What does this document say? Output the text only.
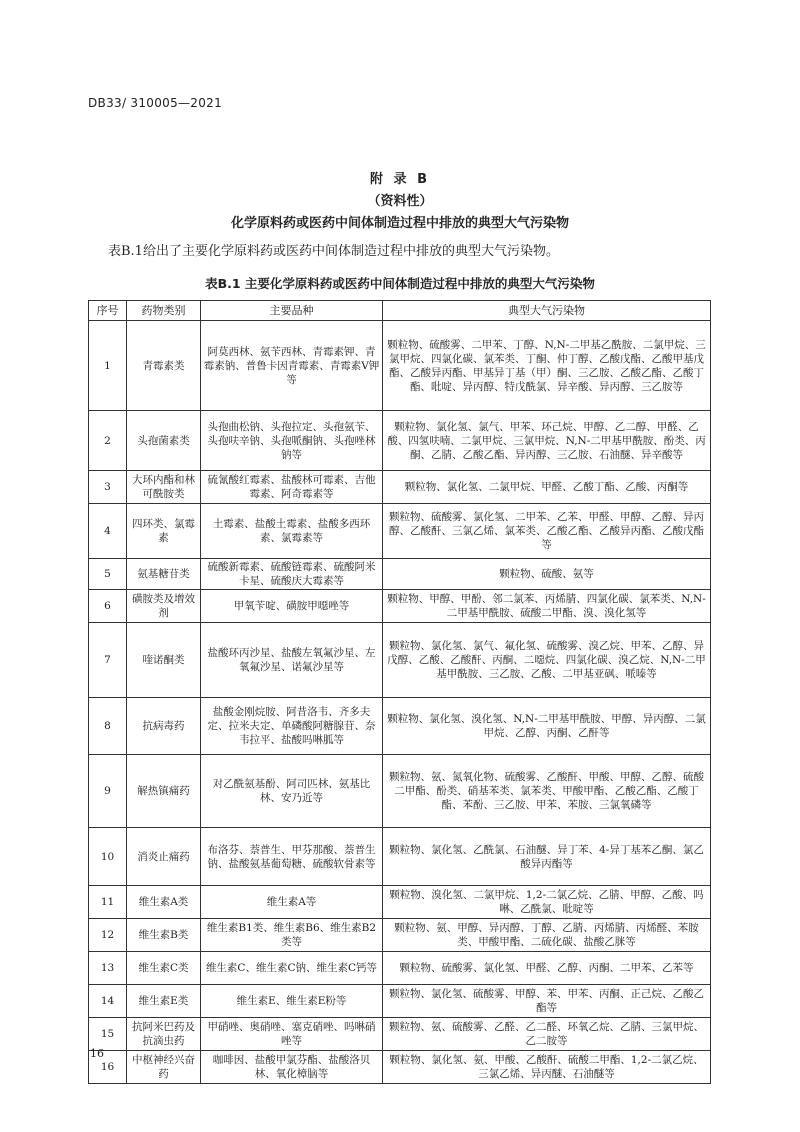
DB33/ 310005—2021
附 录 B
（资料性）
化学原料药或医药中间体制造过程中排放的典型大气污染物
表B.1给出了主要化学原料药或医药中间体制造过程中排放的典型大气污染物。
表B.1 主要化学原料药或医药中间体制造过程中排放的典型大气污染物
序号	药物类别	主要品种	典型大气污染物
1	青霉素类	阿莫西林、氨苄西林、青霉素钾、青霉素钠、普鲁卡因青霉素、青霉素V钾等	颗粒物、硫酸雾、二甲苯、丁醇、N,N-二甲基乙酰胺、二氯甲烷、三氯甲烷、四氯化碳、氯苯类、丁酮、仲丁醇、乙酸戊酯、乙酸甲基戊酯、乙酸异丙酯、甲基异丁基（甲）酮、三乙胺、乙酸乙酯、乙酸丁酯、吡啶、异丙醇、特戊酰氯、异辛酸、异丙醇、三乙胺等
2	头孢菌素类	头孢曲松钠、头孢拉定、头孢氨苄、头孢呋辛钠、头孢哌酮钠、头孢唑林钠等	颗粒物、氯化氢、氯气、甲苯、环己烷、甲醇、乙二醇、甲醛、乙酸、四氢呋喃、二氯甲烷、三氯甲烷、N,N-二甲基甲酰胺、酚类、丙酮、乙腈、乙酸乙酯、异丙醇、三乙胺、石油醚、异辛酸等
3	大环内酯和林可酰胺类	硫氰酸红霉素、盐酸林可霉素、吉他霉素、阿奇霉素等	颗粒物、氯化氢、二氯甲烷、甲醛、乙酸丁酯、乙酸、丙酮等
4	四环类、氯霉素	土霉素、盐酸土霉素、盐酸多西环素、氯霉素等	颗粒物、硫酸雾、氯化氢、二甲苯、乙苯、甲醛、甲醇、乙醇、异丙醇、乙酸酐、三氯乙烯、氯苯类、乙酸乙酯、乙酸异丙酯、乙酸戊酯等
5	氨基糖苷类	硫酸新霉素、硫酸链霉素、硫酸阿米卡星、硫酸庆大霉素等	颗粒物、硫酸、氨等
6	磺胺类及增效剂	甲氧苄啶、磺胺甲噁唑等	颗粒物、甲醇、甲酚、邻二氯苯、丙烯腈、四氯化碳、氯苯类、N,N-二甲基甲酰胺、硫酸二甲酯、溴、溴化氢等
7	喹诺酮类	盐酸环丙沙星、盐酸左氧氟沙星、左氧氟沙星、诺氟沙星等	颗粒物、氯化氢、氯气、氟化氢、硫酸雾、溴乙烷、甲苯、乙醇、异戊醇、乙酸、乙酸酐、丙酮、二噁烷、四氯化碳、溴乙烷、N,N-二甲基甲酰胺、三乙胺、乙酸、二甲基亚砜、哌嗪等
8	抗病毒药	盐酸金刚烷胺、阿昔洛韦、齐多夫定、拉米夫定、单磷酸阿糖腺苷、奈韦拉平、盐酸吗啉胍等	颗粒物、氯化氢、溴化氢、N,N-二甲基甲酰胺、甲醇、异丙醇、二氯甲烷、乙醇、丙酮、乙酐等
9	解热镇痛药	对乙酰氨基酚、阿司匹林、氨基比林、安乃近等	颗粒物、氨、氮氧化物、硫酸雾、乙酸酐、甲酸、甲醇、乙醇、硫酸二甲酯、酚类、硝基苯类、氯苯类、甲酸甲酯、乙酸乙酯、乙酸丁酯、苯酚、三乙胺、甲苯、苯胺、三氯氧磷等
10	消炎止痛药	布洛芬、萘普生、甲芬那酸、萘普生钠、盐酸氨基葡萄糖、硫酸软骨素等	颗粒物、氯化氢、乙酰氯、石油醚、异丁苯、4-异丁基苯乙酮、氯乙酸异丙酯等
11	维生素A类	维生素A等	颗粒物、溴化氢、二氯甲烷、1,2-二氯乙烷、乙腈、甲醇、乙酸、吗啉、乙酰氯、吡啶等
12	维生素B类	维生素B1类、维生素B6、维生素B2类等	颗粒物、氨、甲醇、异丙醇、丁醇、乙腈、丙烯腈、丙烯醛、苯胺类、甲酸甲酯、二硫化碳、盐酸乙脒等
13	维生素C类	维生素C、维生素C钠、维生素C钙等	颗粒物、硫酸雾、氯化氢、甲醛、乙醇、丙酮、二甲苯、乙苯等
14	维生素E类	维生素E、维生素E粉等	颗粒物、氯化氢、硫酸雾、甲醇、苯、甲苯、丙酮、正己烷、乙酸乙酯等
15	抗阿米巴药及抗滴虫药	甲硝唑、奥硝唑、塞克硝唑、吗啉硝唑等	颗粒物、氨、硫酸雾、乙醛、乙二醛、环氧乙烷、乙腈、三氯甲烷、乙二胺等
16	中枢神经兴奋药	咖啡因、盐酸甲氯芬酯、盐酸洛贝林、氧化樟脑等	颗粒物、氯化氢、氨、甲酸、乙酸酐、硫酸二甲酯、1,2-二氯乙烷、三氯乙烯、异丙醚、石油醚等
16
